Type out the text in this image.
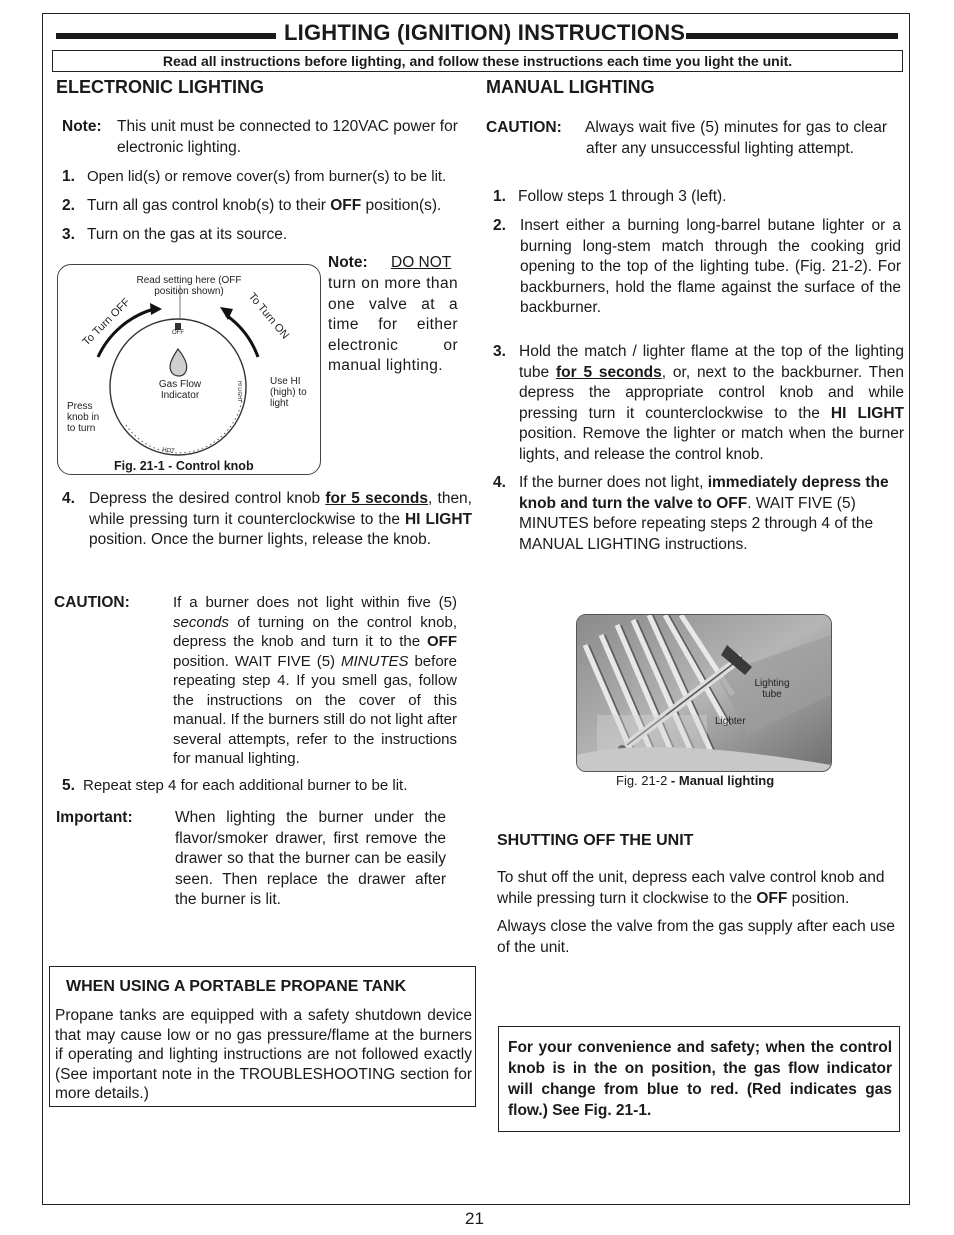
LIGHTING (IGNITION) INSTRUCTIONS
Read all instructions before lighting, and follow these instructions each time you light the unit.
ELECTRONIC LIGHTING
Note: This unit must be connected to 120VAC power for electronic lighting.
1. Open lid(s) or remove cover(s) from burner(s) to be lit.
2. Turn all gas control knob(s) to their OFF position(s).
3. Turn on the gas at its source.
Read setting here (OFF position shown)
To Turn OFF	To Turn ON
OFF
Gas Flow Indicator	HI LIGHT	Use HI (high) to light
Press knob in to turn
HOT
Fig. 21-1 - Control knob
Note: DO NOT
turn on more than one valve at a time for either electronic or manual lighting.
4. Depress the desired control knob for 5 seconds, then, while pressing turn it counterclockwise to the HI LIGHT position. Once the burner lights, release the knob.
CAUTION:	If a burner does not light within five (5) seconds of turning on the control knob, depress the knob and turn it to the OFF position. WAIT FIVE (5) MINUTES before repeating step 4. If you smell gas, follow the instructions on the cover of this manual. If the burners still do not light after several attempts, refer to the instructions for manual lighting.
5. Repeat step 4 for each additional burner to be lit.
Important:	When lighting the burner under the flavor/smoker drawer, first remove the drawer so that the burner can be easily seen. Then replace the drawer after the burner is lit.
WHEN USING A PORTABLE PROPANE TANK
Propane tanks are equipped with a safety shutdown device that may cause low or no gas pressure/flame at the burners if operating and lighting instructions are not followed exactly (See important note in the TROUBLESHOOTING section for more details.)
MANUAL LIGHTING
CAUTION: Always wait five (5) minutes for gas to clear after any unsuccessful lighting attempt.
1. Follow steps 1 through 3 (left).
2. Insert either a burning long-barrel butane lighter or a burning long-stem match through the cooking grid opening to the top of the lighting tube. (Fig. 21-2). For backburners, hold the flame against the surface of the backburner.
3. Hold the match / lighter flame at the top of the lighting tube for 5 seconds, or, next to the backburner. Then depress the appropriate control knob and while pressing turn it counterclockwise to the HI LIGHT position. Remove the lighter or match when the burner lights, and release the control knob.
4. If the burner does not light, immediately depress the knob and turn the valve to OFF. WAIT FIVE (5) MINUTES before repeating steps 2 through 4 of the MANUAL LIGHTING instructions.
Lighting tube
Lighter
Fig. 21-2 - Manual lighting
SHUTTING OFF THE UNIT
To shut off the unit, depress each valve control knob and while pressing turn it clockwise to the OFF position.
Always close the valve from the gas supply after each use of the unit.
For your convenience and safety; when the control knob is in the on position, the gas flow indicator will change from blue to red. (Red indicates gas flow.) See Fig. 21-1.
21
